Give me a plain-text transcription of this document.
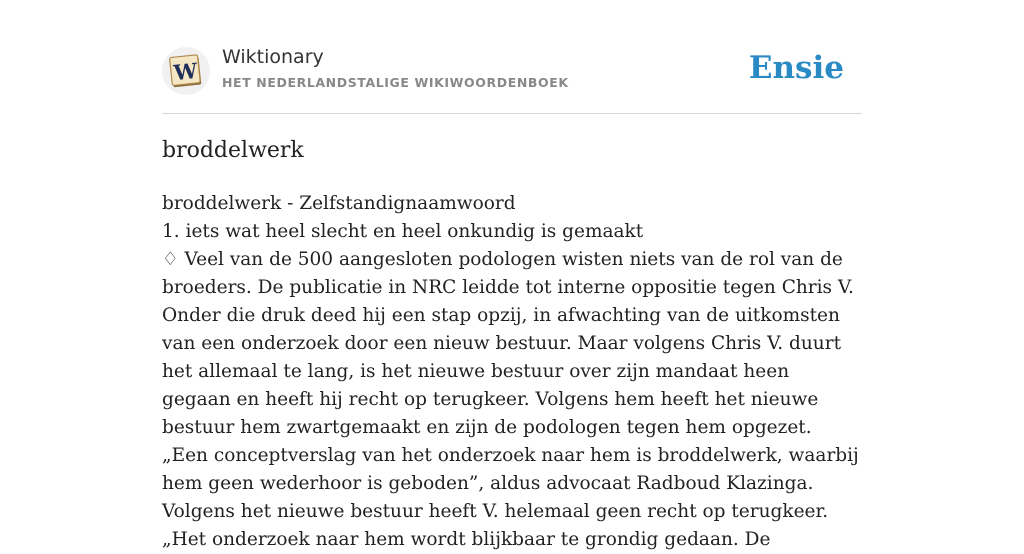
W
Wiktionary
HET NEDERLANDSTALIGE WIKIWOORDENBOEK	Ensie
broddelwerk
broddelwerk - Zelfstandignaamwoord
1. iets wat heel slecht en heel onkundig is gemaakt
♢ Veel van de 500 aangesloten podologen wisten niets van de rol van de broeders. De publicatie in NRC leidde tot interne oppositie tegen Chris V. Onder die druk deed hij een stap opzij, in afwachting van de uitkomsten van een onderzoek door een nieuw bestuur. Maar volgens Chris V. duurt het allemaal te lang, is het nieuwe bestuur over zijn mandaat heen gegaan en heeft hij recht op terugkeer. Volgens hem heeft het nieuwe bestuur hem zwartgemaakt en zijn de podologen tegen hem opgezet. „Een conceptverslag van het onderzoek naar hem is broddelwerk, waarbij hem geen wederhoor is geboden”, aldus advocaat Radboud Klazinga. Volgens het nieuwe bestuur heeft V. helemaal geen recht op terugkeer. „Het onderzoek naar hem wordt blijkbaar te grondig gedaan. De
